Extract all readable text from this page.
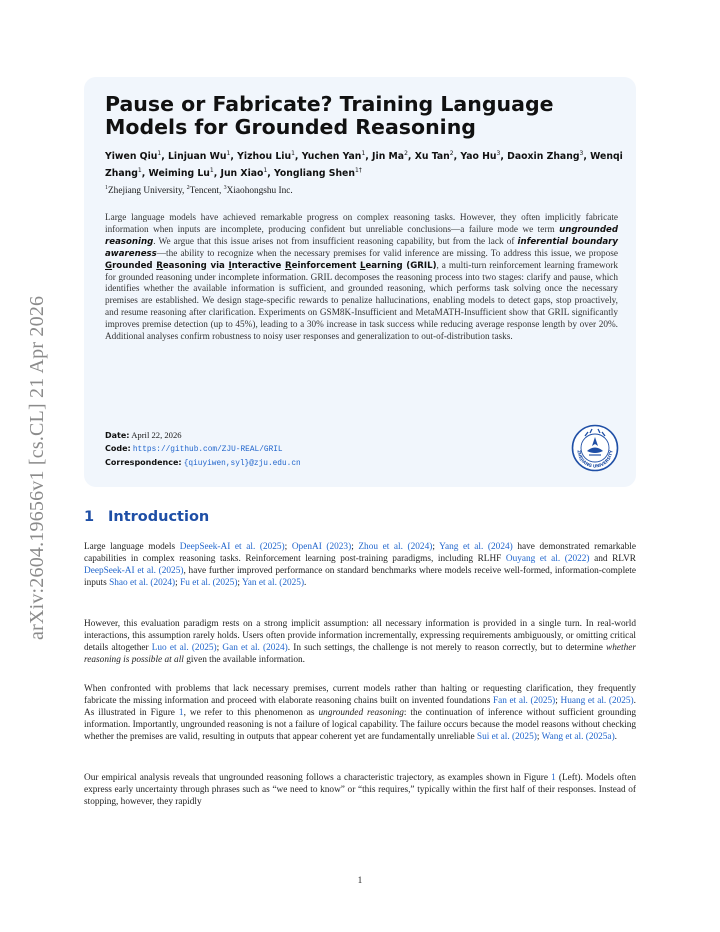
arXiv:2604.19656v1 [cs.CL] 21 Apr 2026
Pause or Fabricate? Training Language Models for Grounded Reasoning

Yiwen Qiu$^1$, Linjuan Wu$^1$, Yizhou Liu$^1$, Yuchen Yan$^1$, Jin Ma$^2$, Xu Tan$^2$, Yao Hu$^3$, Daoxin Zhang$^3$, Wenqi Zhang$^1$, Weiming Lu$^1$, Jun Xiao$^1$, Yongliang Shen$^{1\dagger}$

$^1$Zhejiang University, $^2$Tencent, $^3$Xiaohongshu Inc.

Large language models have achieved remarkable progress on complex reasoning tasks. However, they often implicitly fabricate information when inputs are incomplete, producing confident but unreliable conclusions—a failure mode we term ungrounded reasoning. We argue that this issue arises not from insufficient reasoning capability, but from the lack of inferential boundary awareness—the ability to recognize when the necessary premises for valid inference are missing. To address this issue, we propose Grounded Reasoning via Interactive Reinforcement Learning (GRIL), a multi-turn reinforcement learning framework for grounded reasoning under incomplete information. GRIL decomposes the reasoning process into two stages: clarify and pause, which identifies whether the available information is sufficient, and grounded reasoning, which performs task solving once the necessary premises are established. We design stage-specific rewards to penalize hallucinations, enabling models to detect gaps, stop proactively, and resume reasoning after clarification. Experiments on GSM8K-Insufficient and MetaMATH-Insufficient show that GRIL significantly improves premise detection (up to 45%), leading to a 30% increase in task success while reducing average response length by over 20%. Additional analyses confirm robustness to noisy user responses and generalization to out-of-distribution tasks.

Date: April 22, 2026
Code: https://github.com/ZJU-REAL/GRIL
Correspondence: {qiuyiwen,syl}@zju.edu.cn
ZHEJIANG UNIVERSITY
1 Introduction

Large language models DeepSeek-AI et al. (2025); OpenAI (2023); Zhou et al. (2024); Yang et al. (2024) have demonstrated remarkable capabilities in complex reasoning tasks. Reinforcement learning post-training paradigms, including RLHF Ouyang et al. (2022) and RLVR DeepSeek-AI et al. (2025), have further improved performance on standard benchmarks where models receive well-formed, information-complete inputs Shao et al. (2024); Fu et al. (2025); Yan et al. (2025).

However, this evaluation paradigm rests on a strong implicit assumption: all necessary information is provided in a single turn. In real-world interactions, this assumption rarely holds. Users often provide information incrementally, expressing requirements ambiguously, or omitting critical details altogether Luo et al. (2025); Gan et al. (2024). In such settings, the challenge is not merely to reason correctly, but to determine whether reasoning is possible at all given the available information.

When confronted with problems that lack necessary premises, current models rather than halting or requesting clarification, they frequently fabricate the missing information and proceed with elaborate reasoning chains built on invented foundations Fan et al. (2025); Huang et al. (2025). As illustrated in Figure 1, we refer to this phenomenon as ungrounded reasoning: the continuation of inference without sufficient grounding information. Importantly, ungrounded reasoning is not a failure of logical capability. The failure occurs because the model reasons without checking whether the premises are valid, resulting in outputs that appear coherent yet are fundamentally unreliable Sui et al. (2025); Wang et al. (2025a).

Our empirical analysis reveals that ungrounded reasoning follows a characteristic trajectory, as examples shown in Figure 1 (Left). Models often express early uncertainty through phrases such as “we need to know” or “this requires,” typically within the first half of their responses. Instead of stopping, however, they rapidly

1
